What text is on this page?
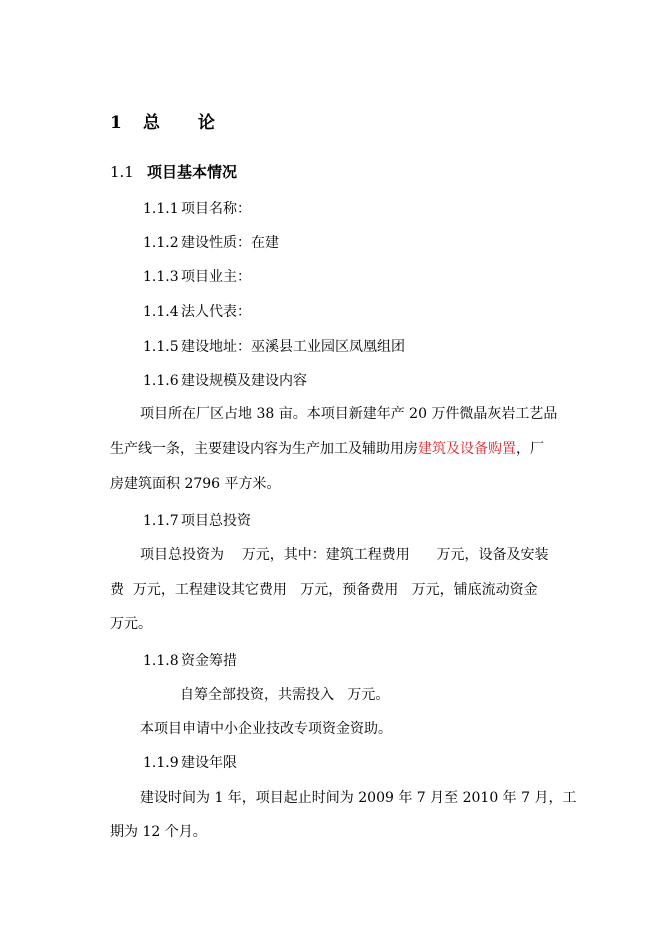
1 总 论
1.1 项目基本情况
1.1.1 项目名称：
1.1.2 建设性质：在建
1.1.3 项目业主：
1.1.4 法人代表：
1.1.5 建设地址：巫溪县工业园区凤凰组团
1.1.6 建设规模及建设内容
项目所在厂区占地 38 亩。本项目新建年产 20 万件微晶灰岩工艺品
生产线一条，主要建设内容为生产加工及辅助用房建筑及设备购置，厂
房建筑面积 2796 平方米。
1.1.7 项目总投资
项目总投资为    万元，其中：建筑工程费用      万元，设备及安装
费  万元，工程建设其它费用   万元，预备费用   万元，铺底流动资金
万元。
1.1.8 资金筹措
自筹全部投资，共需投入   万元。
本项目申请中小企业技改专项资金资助。
1.1.9 建设年限
建设时间为 1 年，项目起止时间为 2009 年 7 月至 2010 年 7 月，工
期为 12 个月。
